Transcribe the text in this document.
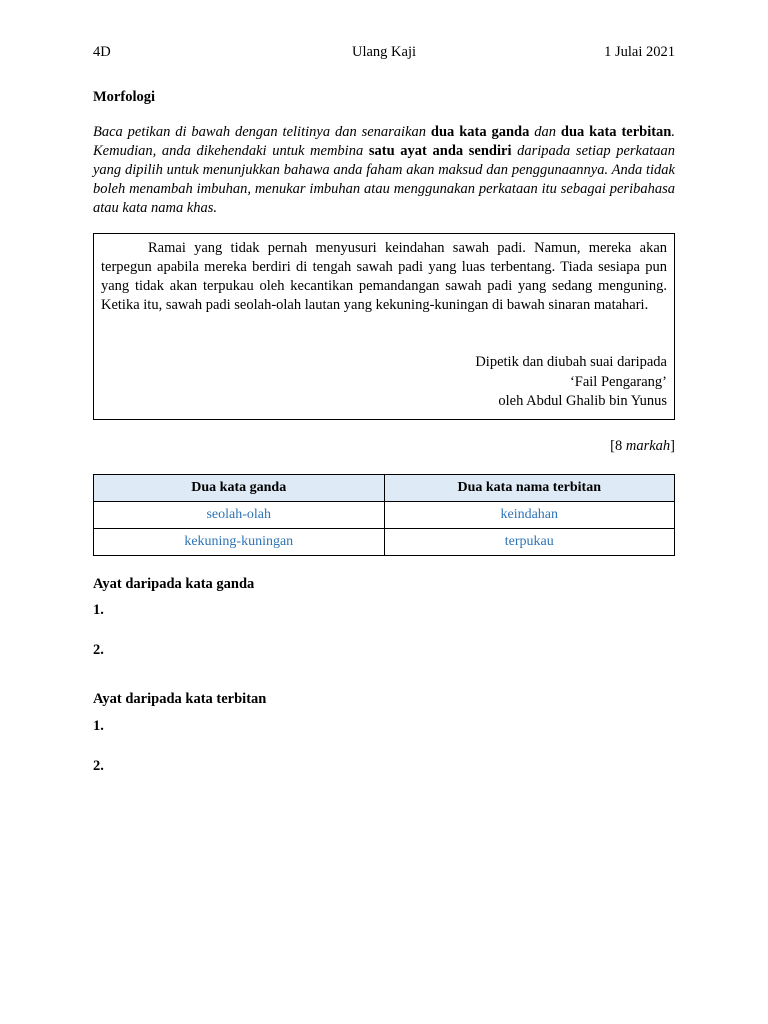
4D	Ulang Kaji	1 Julai 2021
Morfologi
Baca petikan di bawah dengan telitinya dan senaraikan dua kata ganda dan dua kata terbitan. Kemudian, anda dikehendaki untuk membina satu ayat anda sendiri daripada setiap perkataan yang dipilih untuk menunjukkan bahawa anda faham akan maksud dan penggunaannya. Anda tidak boleh menambah imbuhan, menukar imbuhan atau menggunakan perkataan itu sebagai peribahasa atau kata nama khas.
Ramai yang tidak pernah menyusuri keindahan sawah padi. Namun, mereka akan terpegun apabila mereka berdiri di tengah sawah padi yang luas terbentang. Tiada sesiapa pun yang tidak akan terpukau oleh kecantikan pemandangan sawah padi yang sedang menguning. Ketika itu, sawah padi seolah-olah lautan yang kekuning-kuningan di bawah sinaran matahari.
Dipetik dan diubah suai daripada
‘Fail Pengarang’
oleh Abdul Ghalib bin Yunus
[8 markah]
Dua kata ganda	Dua kata nama terbitan
seolah-olah	keindahan
kekuning-kuningan	terpukau
Ayat daripada kata ganda
1.
2.
Ayat daripada kata terbitan
1.
2.
